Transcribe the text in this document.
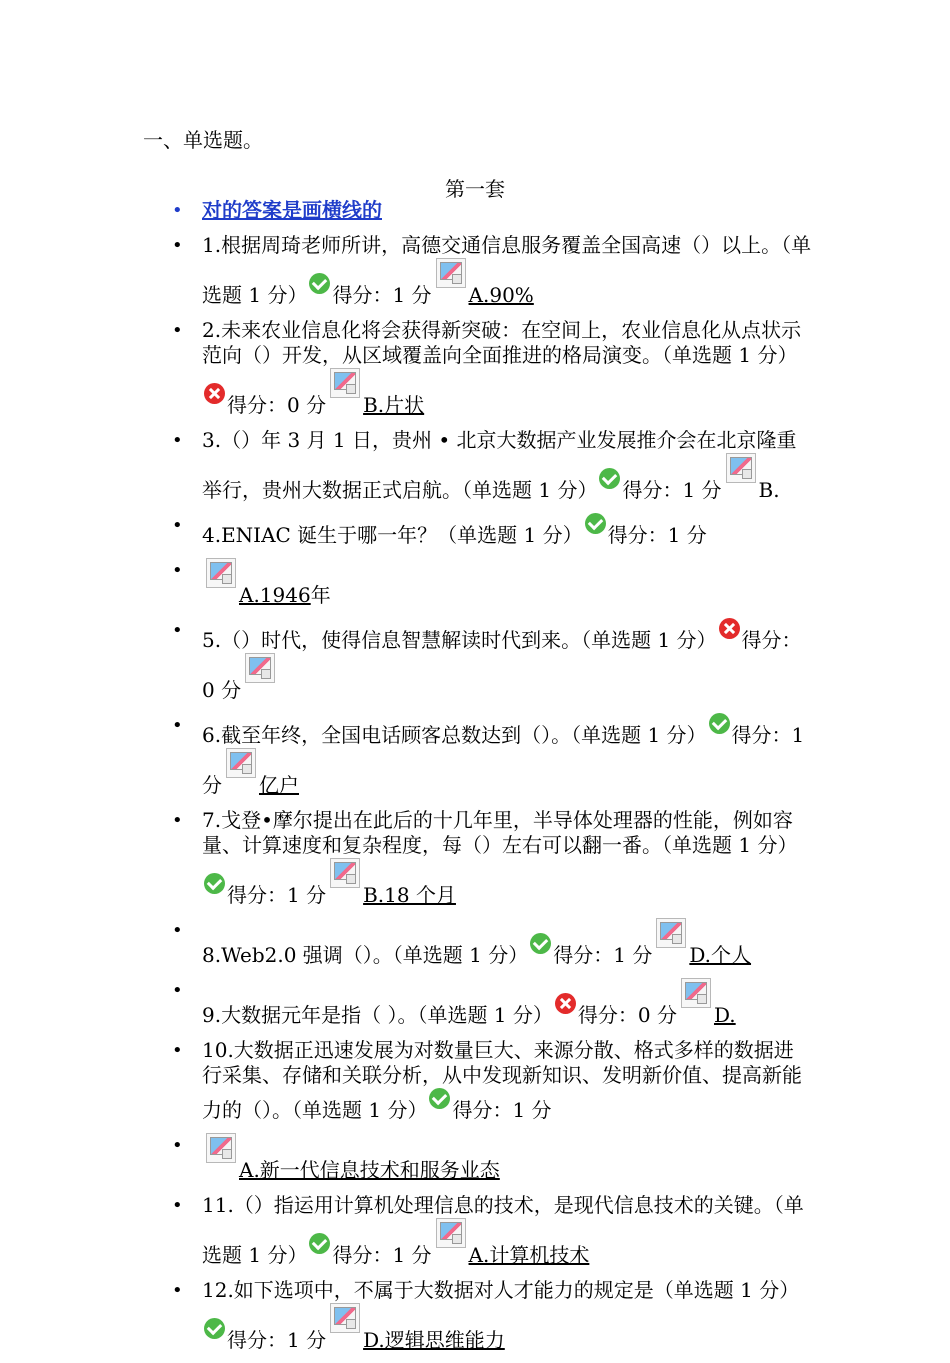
一、单选题。
第一套
• 对的答案是画横线的
• 1.根据周琦老师所讲，高德交通信息服务覆盖全国高速（）以上。（单选题 1 分） 得分：1 分 A.90%
• 2.未来农业信息化将会获得新突破：在空间上，农业信息化从点状示范向（）开发，从区域覆盖向全面推进的格局演变。（单选题 1 分）得分：0 分 B.片状
• 3.（）年 3 月 1 日，贵州 • 北京大数据产业发展推介会在北京隆重举行，贵州大数据正式启航。（单选题 1 分） 得分：1 分 B.
• 4.ENIAC 诞生于哪一年？（单选题 1 分） 得分：1 分
• A.1946年
• 5.（）时代，使得信息智慧解读时代到来。（单选题 1 分） 得分：0 分
• 6.截至年终，全国电话顾客总数达到（）。（单选题 1 分） 得分：1 分 亿户
• 7.戈登•摩尔提出在此后的十几年里，半导体处理器的性能，例如容量、计算速度和复杂程度，每（）左右可以翻一番。（单选题 1 分）得分：1 分 B.18 个月
• 8.Web2.0 强调（）。（单选题 1 分） 得分：1 分 D.个人
• 9.大数据元年是指（ ）。（单选题 1 分） 得分：0 分 D.
• 10.大数据正迅速发展为对数量巨大、来源分散、格式多样的数据进行采集、存储和关联分析，从中发现新知识、发明新价值、提高新能力的（）。（单选题 1 分） 得分：1 分
• A.新一代信息技术和服务业态
• 11.（）指运用计算机处理信息的技术，是现代信息技术的关键。（单选题 1 分） 得分：1 分 A.计算机技术
• 12.如下选项中，不属于大数据对人才能力的规定是（单选题 1 分）得分：1 分 D.逻辑思维能力
